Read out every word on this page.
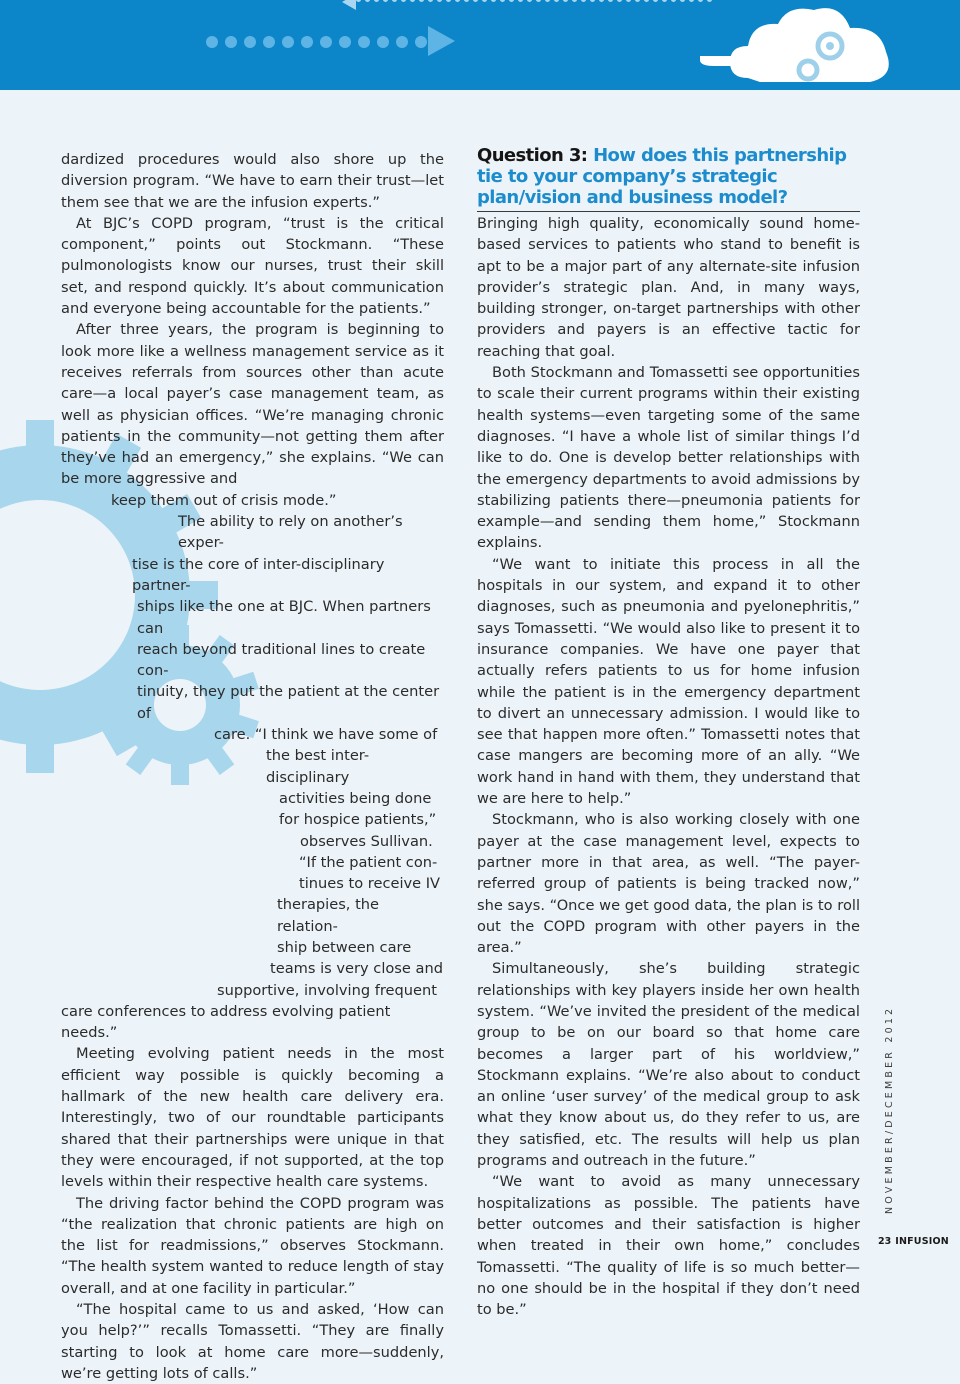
dardized procedures would also shore up the diversion program. “We have to earn their trust—let them see that we are the infusion experts.”

At BJC’s COPD program, “trust is the critical component,” points out Stockmann. “These pulmonologists know our nurses, trust their skill set, and respond quickly. It’s about communication and everyone being accountable for the patients.”

After three years, the program is beginning to look more like a wellness management service as it receives referrals from sources other than acute care—a local payer’s case management team, as well as physician offices. “We’re managing chronic patients in the community—not getting them after they’ve had an emergency,” she explains. “We can be more aggressive and

keep them out of crisis mode.”
The ability to rely on another’s exper-
tise is the core of inter-disciplinary partner-
ships like the one at BJC. When partners can
reach beyond traditional lines to create con-
tinuity, they put the patient at the center of
care. “I think we have some of
the best inter-disciplinary
activities being done
for hospice patients,”
observes Sullivan.
“If the patient con-
tinues to receive IV
therapies, the relation-
ship between care
teams is very close and
supportive, involving frequent
care conferences to address evolving patient needs.”

Meeting evolving patient needs in the most efficient way possible is quickly becoming a hallmark of the new health care delivery era. Interestingly, two of our roundtable participants shared that their partnerships were unique in that they were encouraged, if not supported, at the top levels within their respective health care systems.

The driving factor behind the COPD program was “the realization that chronic patients are high on the list for readmissions,” observes Stockmann. “The health system wanted to reduce length of stay overall, and at one facility in particular.”

“The hospital came to us and asked, ‘How can you help?’” recalls Tomassetti. “They are finally starting to look at home care more—suddenly, we’re getting lots of calls.”

Question 3: How does this partnership tie to your company’s strategic plan/vision and business model?

Bringing high quality, economically sound home-based services to patients who stand to benefit is apt to be a major part of any alternate-site infusion provider’s strategic plan. And, in many ways, building stronger, on-target partnerships with other providers and payers is an effective tactic for reaching that goal.

Both Stockmann and Tomassetti see opportunities to scale their current programs within their existing health systems—even targeting some of the same diagnoses. “I have a whole list of similar things I’d like to do. One is develop better relationships with the emergency departments to avoid admissions by stabilizing patients there—pneumonia patients for example—and sending them home,” Stockmann explains.

“We want to initiate this process in all the hospitals in our system, and expand it to other diagnoses, such as pneumonia and pyelonephritis,” says Tomassetti. “We would also like to present it to insurance companies. We have one payer that actually refers patients to us for home infusion while the patient is in the emergency department to divert an unnecessary admission. I would like to see that happen more often.” Tomassetti notes that case mangers are becoming more of an ally. “We work hand in hand with them, they understand that we are here to help.”

Stockmann, who is also working closely with one payer at the case management level, expects to partner more in that area, as well. “The payer-referred group of patients is being tracked now,” she says. “Once we get good data, the plan is to roll out the COPD program with other payers in the area.”

Simultaneously, she’s building strategic relationships with key players inside her own health system. “We’ve invited the president of the medical group to be on our board so that home care becomes a larger part of his worldview,” Stockmann explains. “We’re also about to conduct an online ‘user survey’ of the medical group to ask what they know about us, do they refer to us, are they satisfied, etc. The results will help us plan programs and outreach in the future.”

“We want to avoid as many unnecessary hospitalizations as possible. The patients have better outcomes and their satisfaction is higher when treated in their own home,” concludes Tomassetti. “The quality of life is so much better—no one should be in the hospital if they don’t need to be.”

NOVEMBER/DECEMBER 2012
23 INFUSION
